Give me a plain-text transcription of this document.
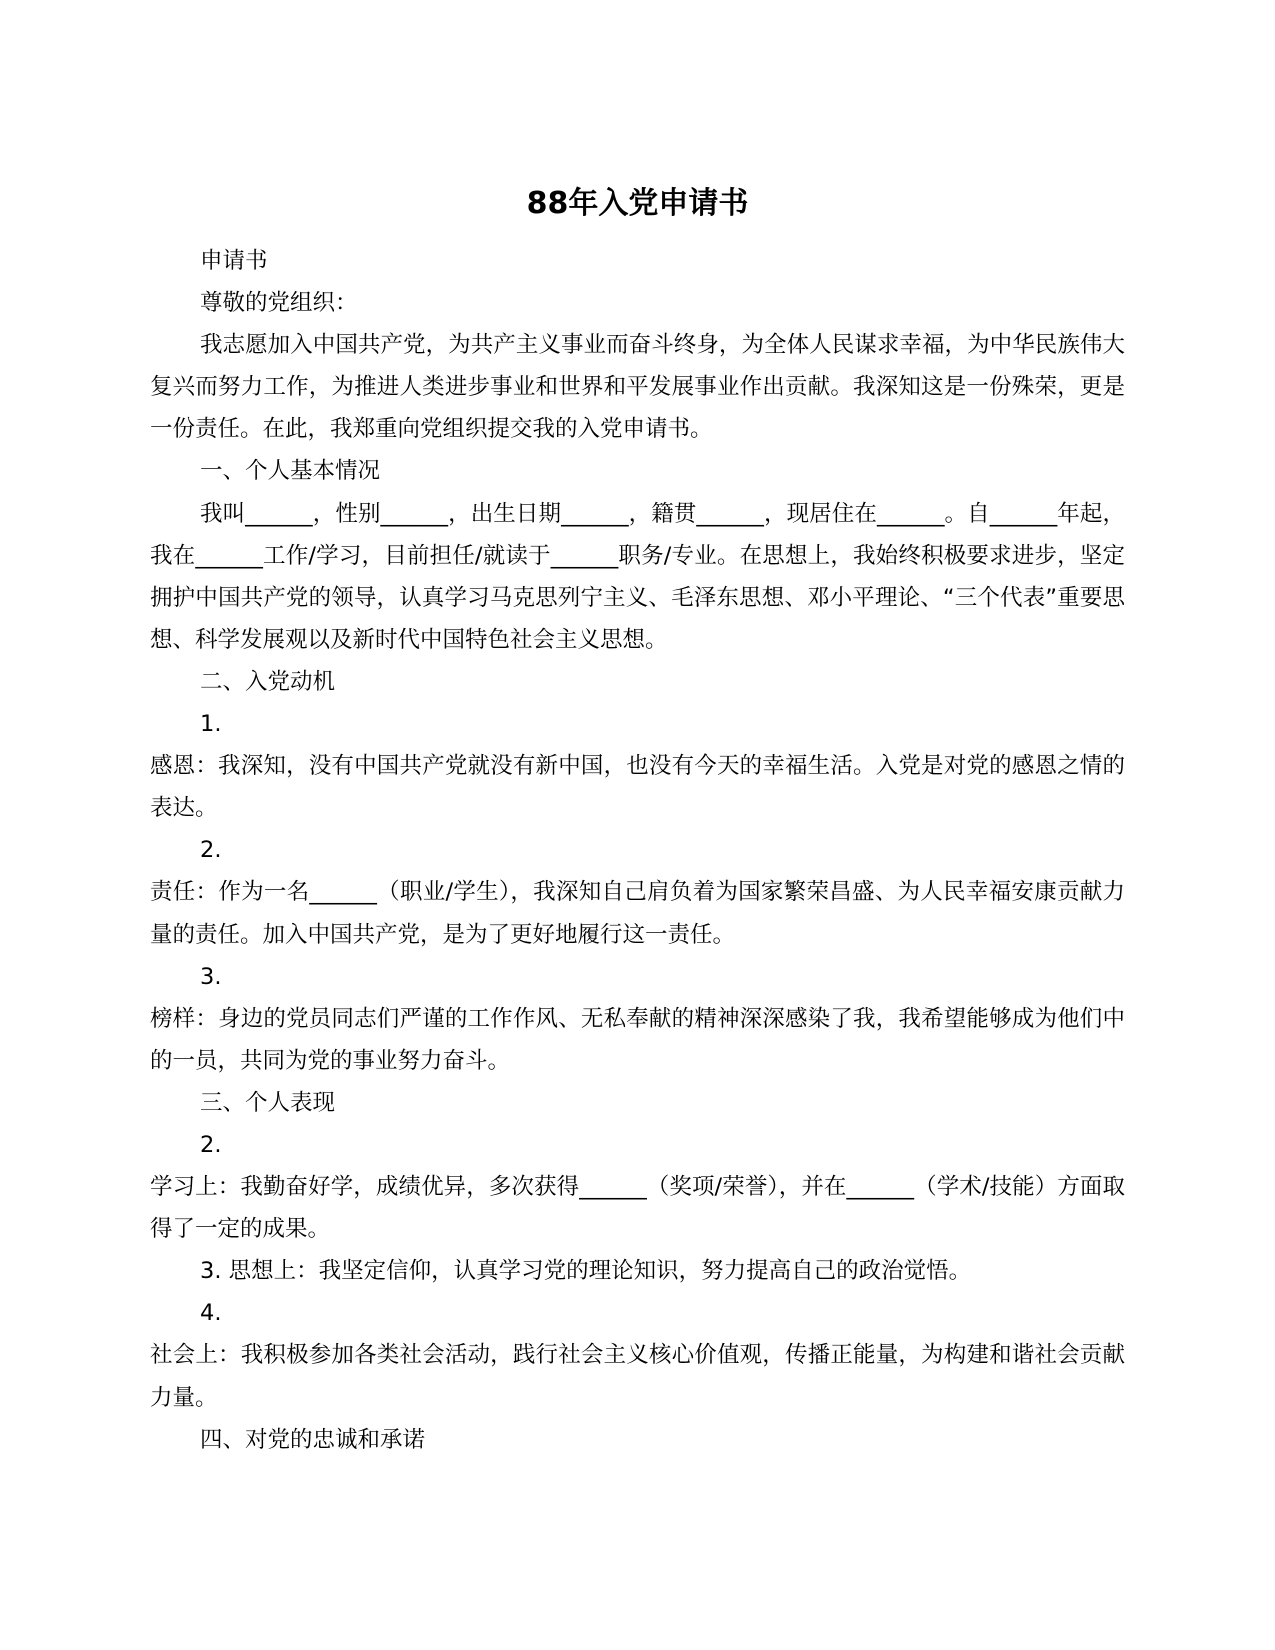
88年入党申请书

申请书

尊敬的党组织：

我志愿加入中国共产党，为共产主义事业而奋斗终身，为全体人民谋求幸福，为中华民族伟大复兴而努力工作，为推进人类进步事业和世界和平发展事业作出贡献。我深知这是一份殊荣，更是一份责任。在此，我郑重向党组织提交我的入党申请书。

一、个人基本情况

我叫______，性别______，出生日期______，籍贯______，现居住在______。自______年起，我在______工作/学习，目前担任/就读于______职务/专业。在思想上，我始终积极要求进步，坚定拥护中国共产党的领导，认真学习马克思列宁主义、毛泽东思想、邓小平理论、“三个代表”重要思想、科学发展观以及新时代中国特色社会主义思想。

二、入党动机

1.

感恩：我深知，没有中国共产党就没有新中国，也没有今天的幸福生活。入党是对党的感恩之情的表达。

2.

责任：作为一名______（职业/学生），我深知自己肩负着为国家繁荣昌盛、为人民幸福安康贡献力量的责任。加入中国共产党，是为了更好地履行这一责任。

3.

榜样：身边的党员同志们严谨的工作作风、无私奉献的精神深深感染了我，我希望能够成为他们中的一员，共同为党的事业努力奋斗。

三、个人表现

2.

学习上：我勤奋好学，成绩优异，多次获得______（奖项/荣誉），并在______（学术/技能）方面取得了一定的成果。

3. 思想上：我坚定信仰，认真学习党的理论知识，努力提高自己的政治觉悟。

4.

社会上：我积极参加各类社会活动，践行社会主义核心价值观，传播正能量，为构建和谐社会贡献力量。

四、对党的忠诚和承诺
